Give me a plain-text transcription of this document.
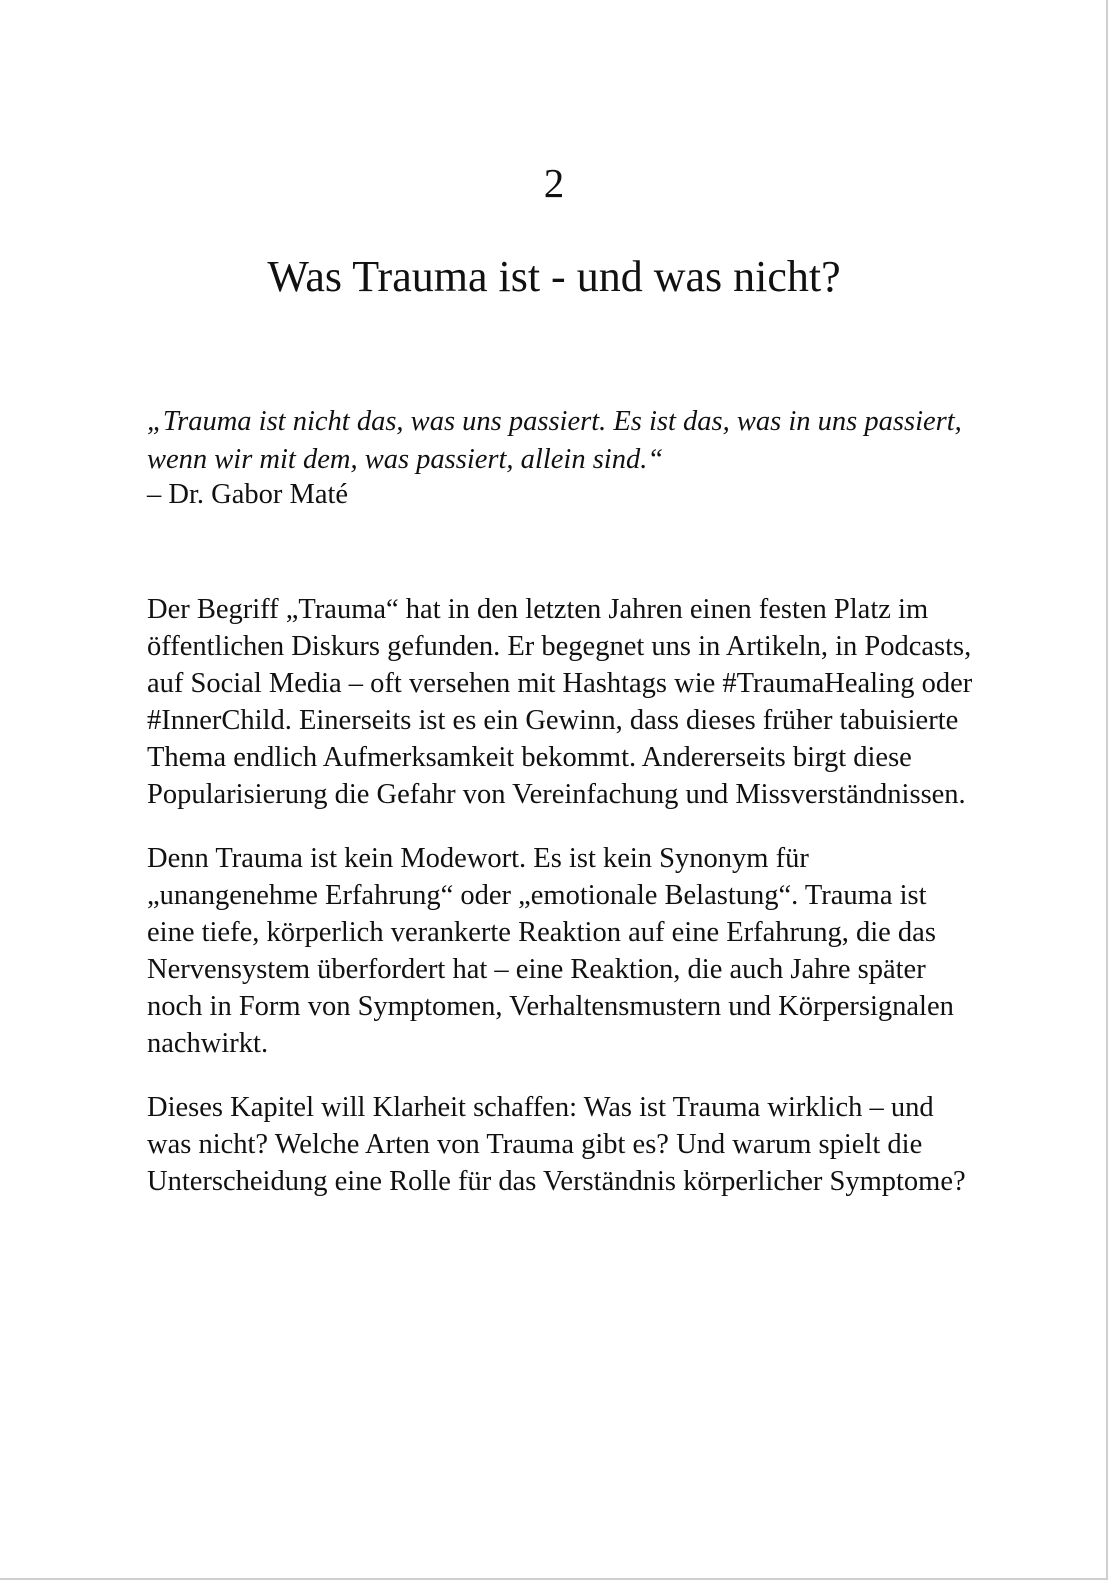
2
Was Trauma ist - und was nicht?
„Trauma ist nicht das, was uns passiert. Es ist das, was in uns passiert, wenn wir mit dem, was passiert, allein sind.“
– Dr. Gabor Maté

Der Begriff „Trauma“ hat in den letzten Jahren einen festen Platz im öffentlichen Diskurs gefunden. Er begegnet uns in Artikeln, in Podcasts, auf Social Media – oft versehen mit Hashtags wie #TraumaHealing oder #InnerChild. Einerseits ist es ein Gewinn, dass dieses früher tabuisierte Thema endlich Aufmerksamkeit bekommt. Andererseits birgt diese Popularisierung die Gefahr von Vereinfachung und Missverständnissen.

Denn Trauma ist kein Modewort. Es ist kein Synonym für „unangenehme Erfahrung“ oder „emotionale Belastung“. Trauma ist eine tiefe, körperlich verankerte Reaktion auf eine Erfahrung, die das Nervensystem überfordert hat – eine Reaktion, die auch Jahre später noch in Form von Symptomen, Verhaltensmustern und Körpersignalen nachwirkt.

Dieses Kapitel will Klarheit schaffen: Was ist Trauma wirklich – und was nicht? Welche Arten von Trauma gibt es? Und warum spielt die Unterscheidung eine Rolle für das Verständnis körperlicher Symptome?
